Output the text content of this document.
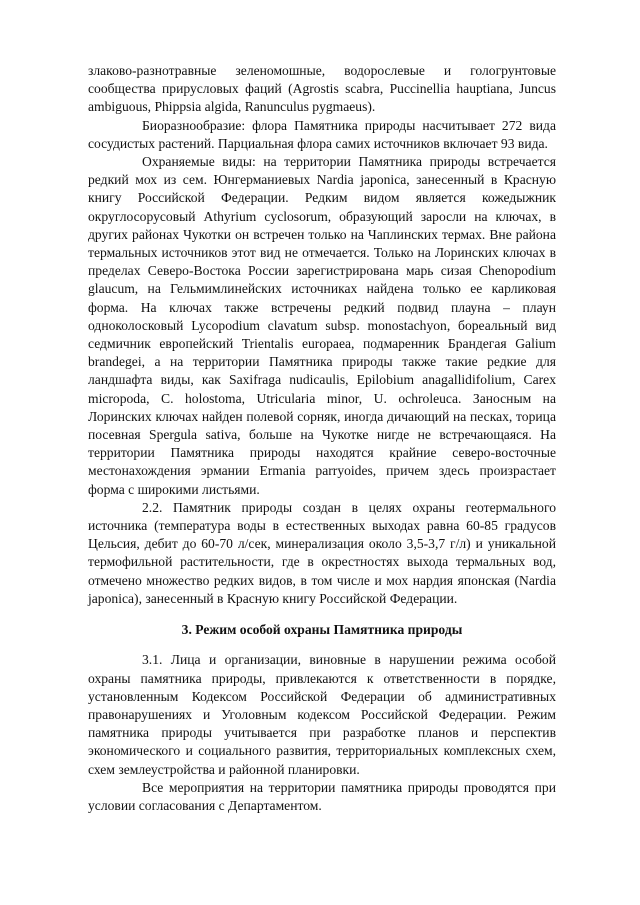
злаково-разнотравные зеленомошные, водорослевые и гологрунтовые сообщества прирусловых фаций (Agrostis scabra, Puccinellia hauptiana, Juncus ambiguous, Phippsia algida, Ranunculus pygmaeus).

Биоразнообразие: флора Памятника природы насчитывает 272 вида сосудистых растений. Парциальная флора самих источников включает 93 вида.

Охраняемые виды: на территории Памятника природы встречается редкий мох из сем. Юнгерманиевых Nardia japonica, занесенный в Красную книгу Российской Федерации. Редким видом является кожедыжник округлосорусовый Athyrium cyclosorum, образующий заросли на ключах, в других районах Чукотки он встречен только на Чаплинских термах. Вне района термальных источников этот вид не отмечается. Только на Лоринских ключах в пределах Северо-Востока России зарегистрирована марь сизая Chenopodium glaucum, на Гельмимлинейских источниках найдена только ее карликовая форма. На ключах также встречены редкий подвид плауна – плаун одноколосковый Lycopodium clavatum subsp. monostachyon, бореальный вид седмичник европейский Trientalis europaea, подмаренник Брандегая Galium brandegei, а на территории Памятника природы также такие редкие для ландшафта виды, как Saxifraga nudicaulis, Epilobium anagallidifolium, Carex micropoda, C. holostoma, Utricularia minor, U. ochroleuca. Заносным на Лоринских ключах найден полевой сорняк, иногда дичающий на песках, торица посевная Spergula sativa, больше на Чукотке нигде не встречающаяся. На территории Памятника природы находятся крайние северо-восточные местонахождения эрмании Ermania parryoides, причем здесь произрастает форма с широкими листьями.

2.2. Памятник природы создан в целях охраны геотермального источника (температура воды в естественных выходах равна 60-85 градусов Цельсия, дебит до 60-70 л/сек, минерализация около 3,5-3,7 г/л) и уникальной термофильной растительности, где в окрестностях выхода термальных вод, отмечено множество редких видов, в том числе и мох нардия японская (Nardia japonica), занесенный в Красную книгу Российской Федерации.

3. Режим особой охраны Памятника природы

3.1. Лица и организации, виновные в нарушении режима особой охраны памятника природы, привлекаются к ответственности в порядке, установленным Кодексом Российской Федерации об административных правонарушениях и Уголовным кодексом Российской Федерации. Режим памятника природы учитывается при разработке планов и перспектив экономического и социального развития, территориальных комплексных схем, схем землеустройства и районной планировки.

Все мероприятия на территории памятника природы проводятся при условии согласования с Департаментом.
